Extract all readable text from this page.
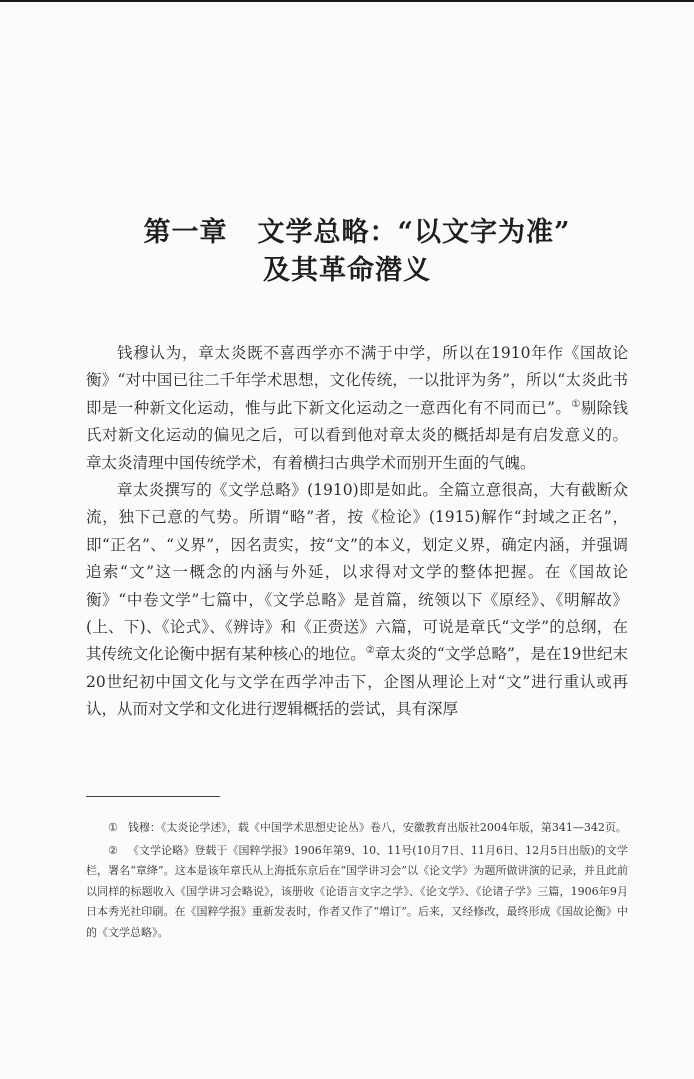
第一章 文学总略：“以文字为准”
及其革命潜义

钱穆认为，章太炎既不喜西学亦不满于中学，所以在1910年作《国故论衡》“对中国已往二千年学术思想，文化传统，一以批评为务”，所以“太炎此书即是一种新文化运动，惟与此下新文化运动之一意西化有不同而已”。①剔除钱氏对新文化运动的偏见之后，可以看到他对章太炎的概括却是有启发意义的。章太炎清理中国传统学术，有着横扫古典学术而别开生面的气魄。

章太炎撰写的《文学总略》(1910)即是如此。全篇立意很高，大有截断众流，独下己意的气势。所谓“略”者，按《检论》(1915)解作“封域之正名”，即“正名”、“义界”，因名责实，按“文”的本义，划定义界，确定内涵，并强调追索“文”这一概念的内涵与外延，以求得对文学的整体把握。在《国故论衡》“中卷文学”七篇中，《文学总略》是首篇，统领以下《原经》、《明解故》(上、下)、《论式》、《辨诗》和《正赍送》六篇，可说是章氏“文学”的总纲，在其传统文化论衡中据有某种核心的地位。②章太炎的“文学总略”，是在19世纪末20世纪初中国文化与文学在西学冲击下，企图从理论上对“文”进行重认或再认，从而对文学和文化进行逻辑概括的尝试，具有深厚

① 钱穆：《太炎论学述》，载《中国学术思想史论丛》卷八，安徽教育出版社2004年版，第341—342页。

② 《文学论略》登载于《国粹学报》1906年第9、10、11号(10月7日、11月6日、12月5日出版)的文学栏，署名“章绛”。这本是该年章氏从上海抵东京后在“国学讲习会”以《论文学》为题所做讲演的记录，并且此前以同样的标题收入《国学讲习会略说》，该册收《论语言文字之学》、《论文学》、《论诸子学》三篇，1906年9月日本秀光社印刷。在《国粹学报》重新发表时，作者又作了“增订”。后来，又经修改，最终形成《国故论衡》中的《文学总略》。
